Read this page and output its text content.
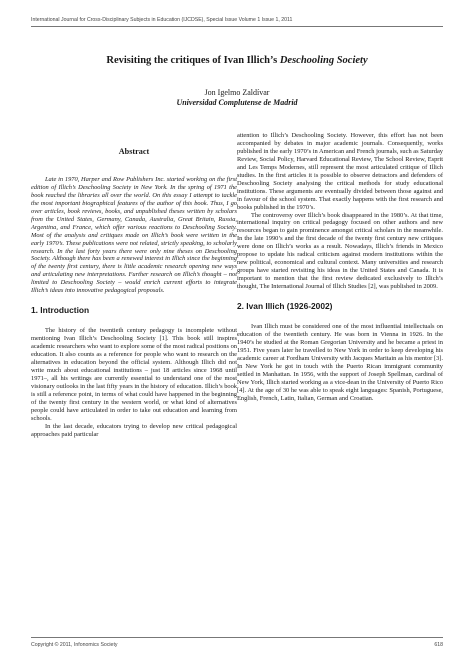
International Journal for Cross-Disciplinary Subjects in Education (IJCDSE), Special Issue Volume 1 Issue 1, 2011
Revisiting the critiques of Ivan Illich’s Deschooling Society
Jon Igelmo Zaldívar
Universidad Complutense de Madrid
Abstract

Late in 1970, Harper and Row Publishers Inc. started working on the first edition of Illich’s Deschooling Society in New York. In the spring of 1971 the book reached the libraries all over the world. On this essay I attempt to tackle the most important biographical features of the author of this book. Thus, I go over articles, book reviews, books, and unpublished theses written by scholars from the United States, Germany, Canada, Australia, Great Britain, Russia, Argentina, and France, which offer various reactions to Deschooling Society. Most of the analysis and critiques made on Illich’s book were written in the early 1970’s. These publications were not related, strictly speaking, to scholarly research. In the last forty years there were only nine theses on Deschooling Society. Although there has been a renewed interest in Illich since the beginning of the twenty first century, there is little academic research opening new ways and articulating new interpretations. Further research on Illich’s thought – not limited to Deschooling Society – would enrich current efforts to integrate Illich’s ideas into innovative pedagogical proposals.

1. Introduction

The history of the twentieth century pedagogy is incomplete without mentioning Ivan Illich’s Deschooling Society [1]. This book still inspires academic researchers who want to explore some of the most radical positions on education. It also counts as a reference for people who want to research on the alternatives in education beyond the official system. Although Illich did not write much about educational institutions – just 18 articles since 1968 until 1971–, all his writings are currently essential to understand one of the most visionary outlooks in the last fifty years in the history of education. Illich’s book is still a reference point, in terms of what could have happened in the beginning of the twenty first century in the western world, or what kind of alternatives people could have articulated in order to take out education and learning from schools.

In the last decade, educators trying to develop new critical pedagogical approaches paid particular

attention to Illich’s Deschooling Society. However, this effort has not been accompanied by debates in major academic journals. Consequently, works published in the early 1970’s in American and French journals, such as Saturday Review, Social Policy, Harvard Educational Review, The School Review, Esprit and Les Temps Modernes, still represent the most articulated critique of Illich studies. In the first articles it is possible to observe detractors and defenders of Deschooling Society analysing the critical methods for study educational institutions. These arguments are eventually divided between those against and in favour of the school system. That exactly happens with the first research and books published in the 1970’s.

The controversy over Illich’s book disappeared in the 1980’s. At that time, international inquiry on critical pedagogy focused on other authors and new resources began to gain prominence amongst critical scholars in the meanwhile. In the late 1990’s and the first decade of the twenty first century new critiques were done on Illich’s works as a result. Nowadays, Illich’s friends in Mexico propose to update his radical criticism against modern institutions within the new political, economical and cultural context. Many universities and research groups have started revisiting his ideas in the United States and Canada. It is important to mention that the first review dedicated exclusively to Illich’s thought, The International Journal of Illich Studies [2], was published in 2009.

2. Ivan Illich (1926-2002)

Ivan Illich must be considered one of the most influential intellectuals on education of the twentieth century. He was born in Vienna in 1926. In the 1940’s he studied at the Roman Gregorian University and he became a priest in 1951. Five years later he travelled to New York in order to keep developing his academic career at Fordham University with Jacques Maritain as his mentor [3]. In New York he got in touch with the Puerto Rican immigrant community settled in Manhattan. In 1956, with the support of Joseph Spellman, cardinal of New York, Illich started working as a vice-dean in the University of Puerto Rico [4]. At the age of 30 he was able to speak eight languages: Spanish, Portuguese, English, French, Latin, Italian, German and Croatian.

Copyright © 2011, Infonomics Society	618
